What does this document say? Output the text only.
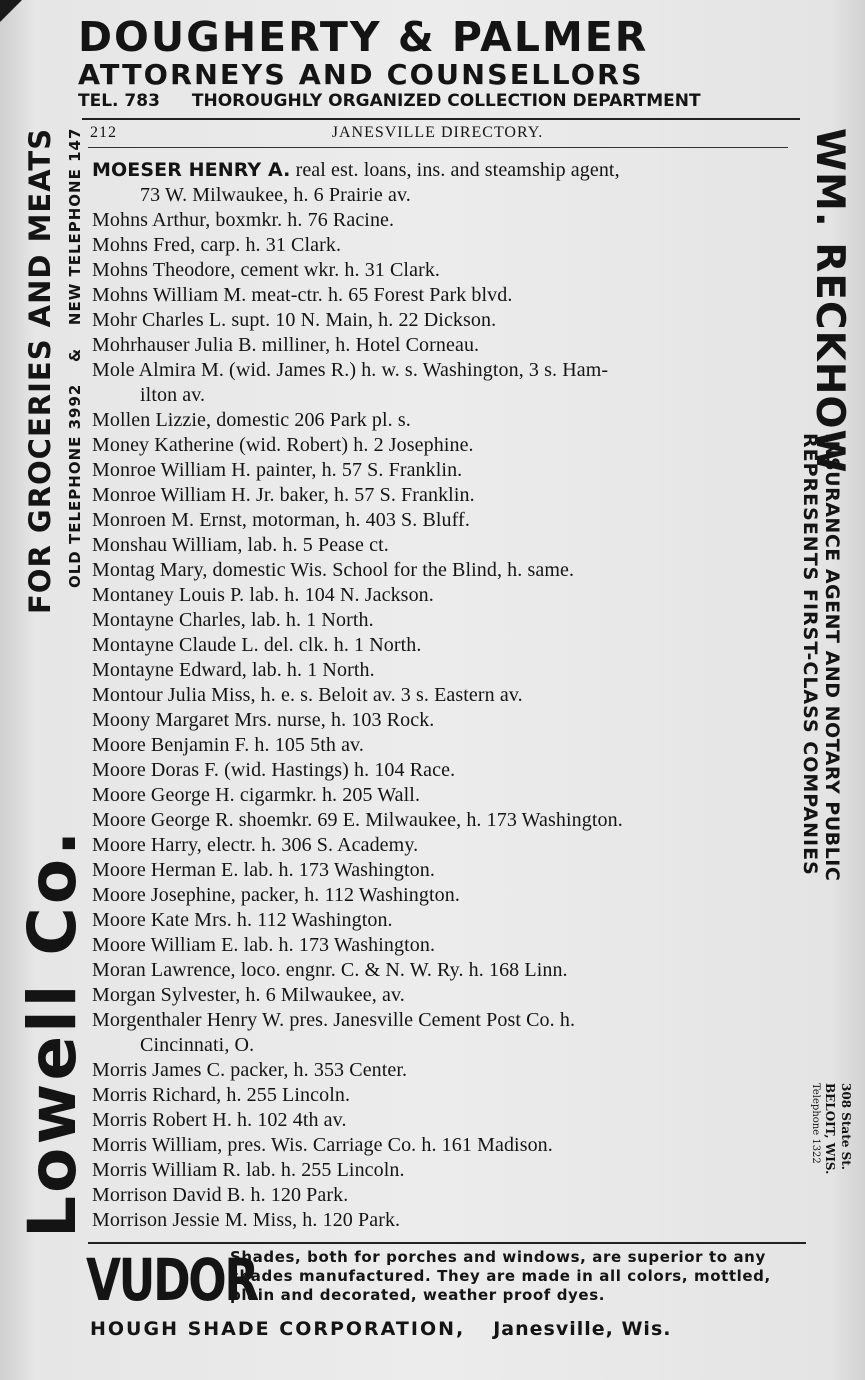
DOUGHERTY & PALMER
ATTORNEYS AND COUNSELLORS
TEL. 783 THOROUGHLY ORGANIZED COLLECTION DEPARTMENT
212	JANESVILLE DIRECTORY.
FOR GROCERIES AND MEATS OLD TELEPHONE 3992 & NEW TELEPHONE 147
Lowell Co.
WM. RECKHOW
INSURANCE AGENT AND NOTARY PUBLIC
REPRESENTS FIRST-CLASS COMPANIES
308 State St.
BELOIT, WIS.
Telephone 1322
MOESER HENRY A. real est. loans, ins. and steamship agent,
73 W. Milwaukee, h. 6 Prairie av.
Mohns Arthur, boxmkr. h. 76 Racine.
Mohns Fred, carp. h. 31 Clark.
Mohns Theodore, cement wkr. h. 31 Clark.
Mohns William M. meat-ctr. h. 65 Forest Park blvd.
Mohr Charles L. supt. 10 N. Main, h. 22 Dickson.
Mohrhauser Julia B. milliner, h. Hotel Corneau.
Mole Almira M. (wid. James R.) h. w. s. Washington, 3 s. Ham-
ilton av.
Mollen Lizzie, domestic 206 Park pl. s.
Money Katherine (wid. Robert) h. 2 Josephine.
Monroe William H. painter, h. 57 S. Franklin.
Monroe William H. Jr. baker, h. 57 S. Franklin.
Monroen M. Ernst, motorman, h. 403 S. Bluff.
Monshau William, lab. h. 5 Pease ct.
Montag Mary, domestic Wis. School for the Blind, h. same.
Montaney Louis P. lab. h. 104 N. Jackson.
Montayne Charles, lab. h. 1 North.
Montayne Claude L. del. clk. h. 1 North.
Montayne Edward, lab. h. 1 North.
Montour Julia Miss, h. e. s. Beloit av. 3 s. Eastern av.
Moony Margaret Mrs. nurse, h. 103 Rock.
Moore Benjamin F. h. 105 5th av.
Moore Doras F. (wid. Hastings) h. 104 Race.
Moore George H. cigarmkr. h. 205 Wall.
Moore George R. shoemkr. 69 E. Milwaukee, h. 173 Washington.
Moore Harry, electr. h. 306 S. Academy.
Moore Herman E. lab. h. 173 Washington.
Moore Josephine, packer, h. 112 Washington.
Moore Kate Mrs. h. 112 Washington.
Moore William E. lab. h. 173 Washington.
Moran Lawrence, loco. engnr. C. & N. W. Ry. h. 168 Linn.
Morgan Sylvester, h. 6 Milwaukee, av.
Morgenthaler Henry W. pres. Janesville Cement Post Co. h.
Cincinnati, O.
Morris James C. packer, h. 353 Center.
Morris Richard, h. 255 Lincoln.
Morris Robert H. h. 102 4th av.
Morris William, pres. Wis. Carriage Co. h. 161 Madison.
Morris William R. lab. h. 255 Lincoln.
Morrison David B. h. 120 Park.
Morrison Jessie M. Miss, h. 120 Park.
VUDOR
Shades, both for porches and windows, are superior to any shades manufactured. They are made in all colors, mottled, plain and decorated, weather proof dyes.
HOUGH SHADE CORPORATION, Janesville, Wis.
